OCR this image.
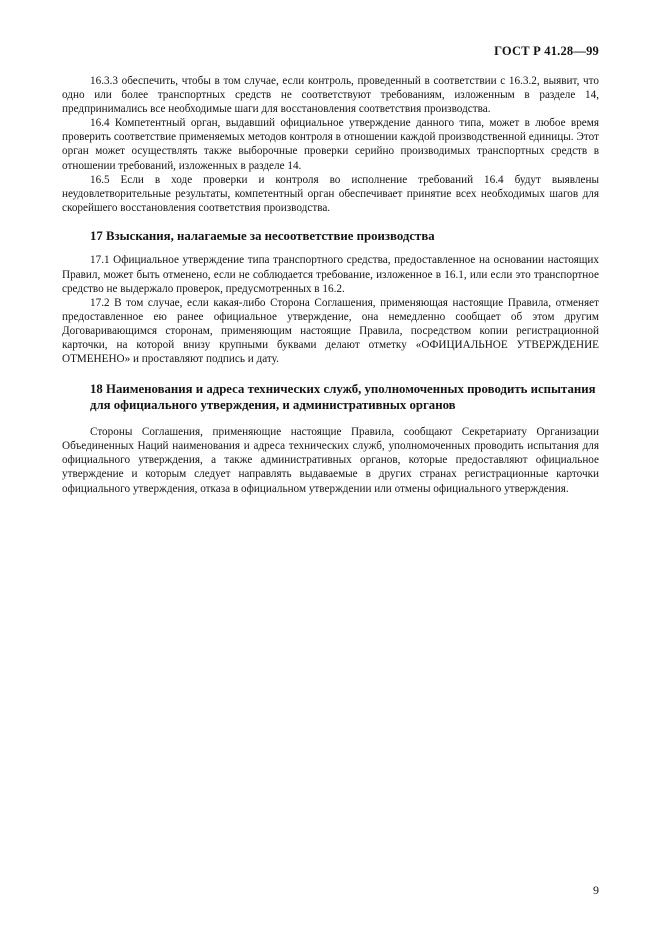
ГОСТ Р 41.28—99

16.3.3 обеспечить, чтобы в том случае, если контроль, проведенный в соответствии с 16.3.2, выявит, что одно или более транспортных средств не соответствуют требованиям, изложенным в разделе 14, предпринимались все необходимые шаги для восстановления соответствия производства.

16.4 Компетентный орган, выдавший официальное утверждение данного типа, может в любое время проверить соответствие применяемых методов контроля в отношении каждой производственной единицы. Этот орган может осуществлять также выборочные проверки серийно производимых транспортных средств в отношении требований, изложенных в разделе 14.

16.5 Если в ходе проверки и контроля во исполнение требований 16.4 будут выявлены неудовлетворительные результаты, компетентный орган обеспечивает принятие всех необходимых шагов для скорейшего восстановления соответствия производства.

17 Взыскания, налагаемые за несоответствие производства

17.1 Официальное утверждение типа транспортного средства, предоставленное на основании настоящих Правил, может быть отменено, если не соблюдается требование, изложенное в 16.1, или если это транспортное средство не выдержало проверок, предусмотренных в 16.2.

17.2 В том случае, если какая-либо Сторона Соглашения, применяющая настоящие Правила, отменяет предоставленное ею ранее официальное утверждение, она немедленно сообщает об этом другим Договаривающимся сторонам, применяющим настоящие Правила, посредством копии регистрационной карточки, на которой внизу крупными буквами делают отметку «ОФИЦИАЛЬНОЕ УТВЕРЖДЕНИЕ ОТМЕНЕНО» и проставляют подпись и дату.

18 Наименования и адреса технических служб, уполномоченных проводить испытания для официального утверждения, и административных органов

Стороны Соглашения, применяющие настоящие Правила, сообщают Секретариату Организации Объединенных Наций наименования и адреса технических служб, уполномоченных проводить испытания для официального утверждения, а также административных органов, которые предоставляют официальное утверждение и которым следует направлять выдаваемые в других странах регистрационные карточки официального утверждения, отказа в официальном утверждении или отмены официального утверждения.

9
